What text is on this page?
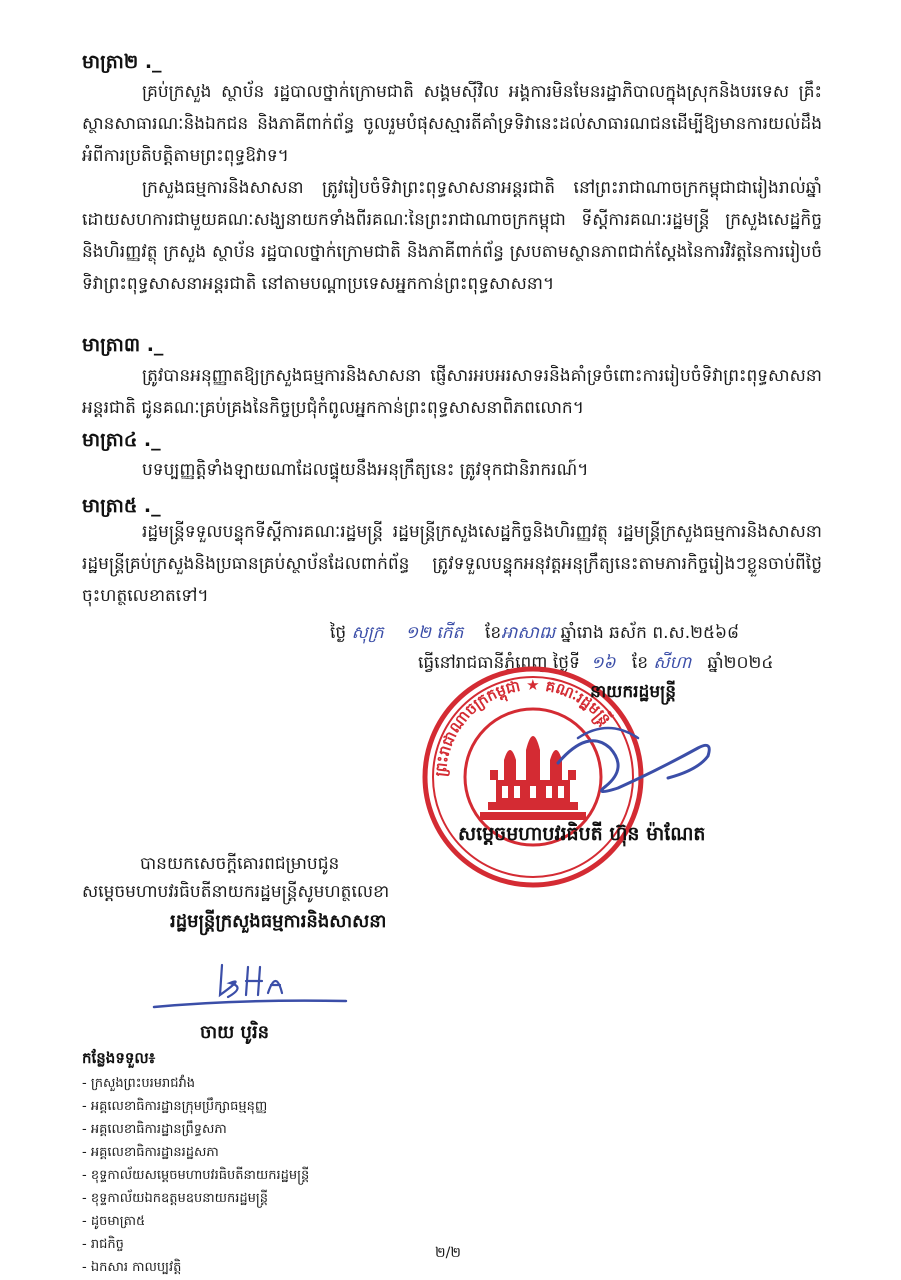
មាត្រា២ ._
គ្រប់ក្រសួង ស្ថាប័ន រដ្ឋបាលថ្នាក់ក្រោមជាតិ សង្គមស៊ីវិល អង្គការមិនមែនរដ្ឋាភិបាលក្នុងស្រុកនិងបរទេស គ្រឹះស្ថានសាធារណៈនិងឯកជន និងភាគីពាក់ព័ន្ធ ចូលរួមបំផុសស្មារតីគាំទ្រទិវានេះដល់សាធារណជនដើម្បីឱ្យមានការយល់ដឹងអំពីការប្រតិបត្តិតាមព្រះពុទ្ធឱវាទ។
ក្រសួងធម្មការនិងសាសនា ត្រូវរៀបចំទិវាព្រះពុទ្ធសាសនាអន្តរជាតិ នៅព្រះរាជាណាចក្រកម្ពុជាជារៀងរាល់ឆ្នាំ ដោយសហការជាមួយគណៈសង្ឃនាយកទាំងពីរគណៈនៃព្រះរាជាណាចក្រកម្ពុជា ទីស្ដីការគណៈរដ្ឋមន្ត្រី ក្រសួងសេដ្ឋកិច្ចនិងហិរញ្ញវត្ថុ ក្រសួង ស្ថាប័ន រដ្ឋបាលថ្នាក់ក្រោមជាតិ និងភាគីពាក់ព័ន្ធ ស្របតាមស្ថានភាពជាក់ស្ដែងនៃការវិវត្តនៃការរៀបចំទិវាព្រះពុទ្ធសាសនាអន្តរជាតិ នៅតាមបណ្ដាប្រទេសអ្នកកាន់ព្រះពុទ្ធសាសនា។
មាត្រា៣ ._
ត្រូវបានអនុញ្ញាតឱ្យក្រសួងធម្មការនិងសាសនា ផ្ញើសារអបអរសាទរនិងគាំទ្រចំពោះការរៀបចំទិវាព្រះពុទ្ធសាសនាអន្តរជាតិ ជូនគណៈគ្រប់គ្រងនៃកិច្ចប្រជុំកំពូលអ្នកកាន់ព្រះពុទ្ធសាសនាពិភពលោក។
មាត្រា៤ ._
បទប្បញ្ញត្តិទាំងឡាយណាដែលផ្ទុយនឹងអនុក្រឹត្យនេះ ត្រូវទុកជានិរាករណ៍។
មាត្រា៥ ._
រដ្ឋមន្ត្រីទទួលបន្ទុកទីស្ដីការគណៈរដ្ឋមន្ត្រី រដ្ឋមន្ត្រីក្រសួងសេដ្ឋកិច្ចនិងហិរញ្ញវត្ថុ រដ្ឋមន្ត្រីក្រសួងធម្មការនិងសាសនា រដ្ឋមន្ត្រីគ្រប់ក្រសួងនិងប្រធានគ្រប់ស្ថាប័នដែលពាក់ព័ន្ធ ត្រូវទទួលបន្ទុកអនុវត្តអនុក្រឹត្យនេះតាមភារកិច្ចរៀងៗខ្លួនចាប់ពីថ្ងៃចុះហត្ថលេខាតទៅ។
ថ្ងៃ សុក្រ ១២ កើត ខែអាសាឍ ឆ្នាំរោង ឆស័ក ព.ស.២៥៦៨
ធ្វើនៅរាជធានីភ្នំពេញ ថ្ងៃទី ១៦ ខែ សីហា ឆ្នាំ២០២៤
ព្រះរាជាណាចក្រកម្ពុជា ★ គណៈរដ្ឋមន្ត្រី
នាយករដ្ឋមន្ត្រី
សម្ដេចមហាបវរធិបតី ហ៊ុន ម៉ាណែត
បានយកសេចក្ដីគោរពជម្រាបជូន
សម្ដេចមហាបវរធិបតីនាយករដ្ឋមន្ត្រីសូមហត្ថលេខា
រដ្ឋមន្ត្រីក្រសួងធម្មការនិងសាសនា
ចាយ បូរិន
កន្លែងទទួល៖
- ក្រសួងព្រះបរមរាជវាំង
- អគ្គលេខាធិការដ្ឋានក្រុមប្រឹក្សាធម្មនុញ្ញ
- អគ្គលេខាធិការដ្ឋានព្រឹទ្ធសភា
- អគ្គលេខាធិការដ្ឋានរដ្ឋសភា
- ខុទ្ទកាល័យសម្ដេចមហាបវរធិបតីនាយករដ្ឋមន្ត្រី
- ខុទ្ទកាល័យឯកឧត្តមឧបនាយករដ្ឋមន្ត្រី
- ដូចមាត្រា៥
- រាជកិច្ច
- ឯកសារ កាលប្បវត្តិ
២/២
